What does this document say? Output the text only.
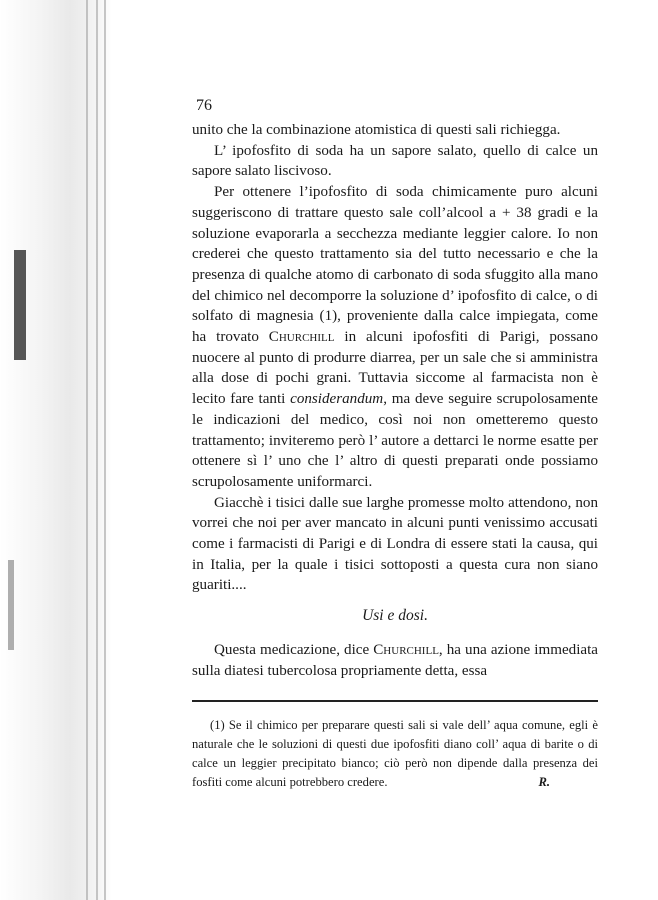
76

unito che la combinazione atomistica di questi sali richiegga.

L’ ipofosfito di soda ha un sapore salato, quello di calce un sapore salato liscivoso.

Per ottenere l’ipofosfito di soda chimicamente puro alcuni suggeriscono di trattare questo sale coll’alcool a + 38 gradi e la soluzione evaporarla a secchezza mediante leggier calore. Io non crederei che questo trattamento sia del tutto necessario e che la presenza di qualche atomo di carbonato di soda sfuggito alla mano del chimico nel decomporre la soluzione d’ ipofosfito di calce, o di solfato di magnesia (1), proveniente dalla calce impiegata, come ha trovato Churchill in alcuni ipofosfiti di Parigi, possano nuocere al punto di produrre diarrea, per un sale che si amministra alla dose di pochi grani. Tuttavia siccome al farmacista non è lecito fare tanti considerandum, ma deve seguire scrupolosamente le indicazioni del medico, così noi non ometteremo questo trattamento; inviteremo però l’ autore a dettarci le norme esatte per ottenere sì l’ uno che l’ altro di questi preparati onde possiamo scrupolosamente uniformarci.

Giacchè i tisici dalle sue larghe promesse molto attendono, non vorrei che noi per aver mancato in alcuni punti venissimo accusati come i farmacisti di Parigi e di Londra di essere stati la causa, qui in Italia, per la quale i tisici sottoposti a questa cura non siano guariti....

Usi e dosi.

Questa medicazione, dice Churchill, ha una azione immediata sulla diatesi tubercolosa propriamente detta, essa

(1) Se il chimico per preparare questi sali si vale dell’ aqua comune, egli è naturale che le soluzioni di questi due ipofosfiti diano coll’ aqua di barite o di calce un leggier precipitato bianco; ciò però non dipende dalla presenza dei fosfiti come alcuni potrebbero credere.	R.
